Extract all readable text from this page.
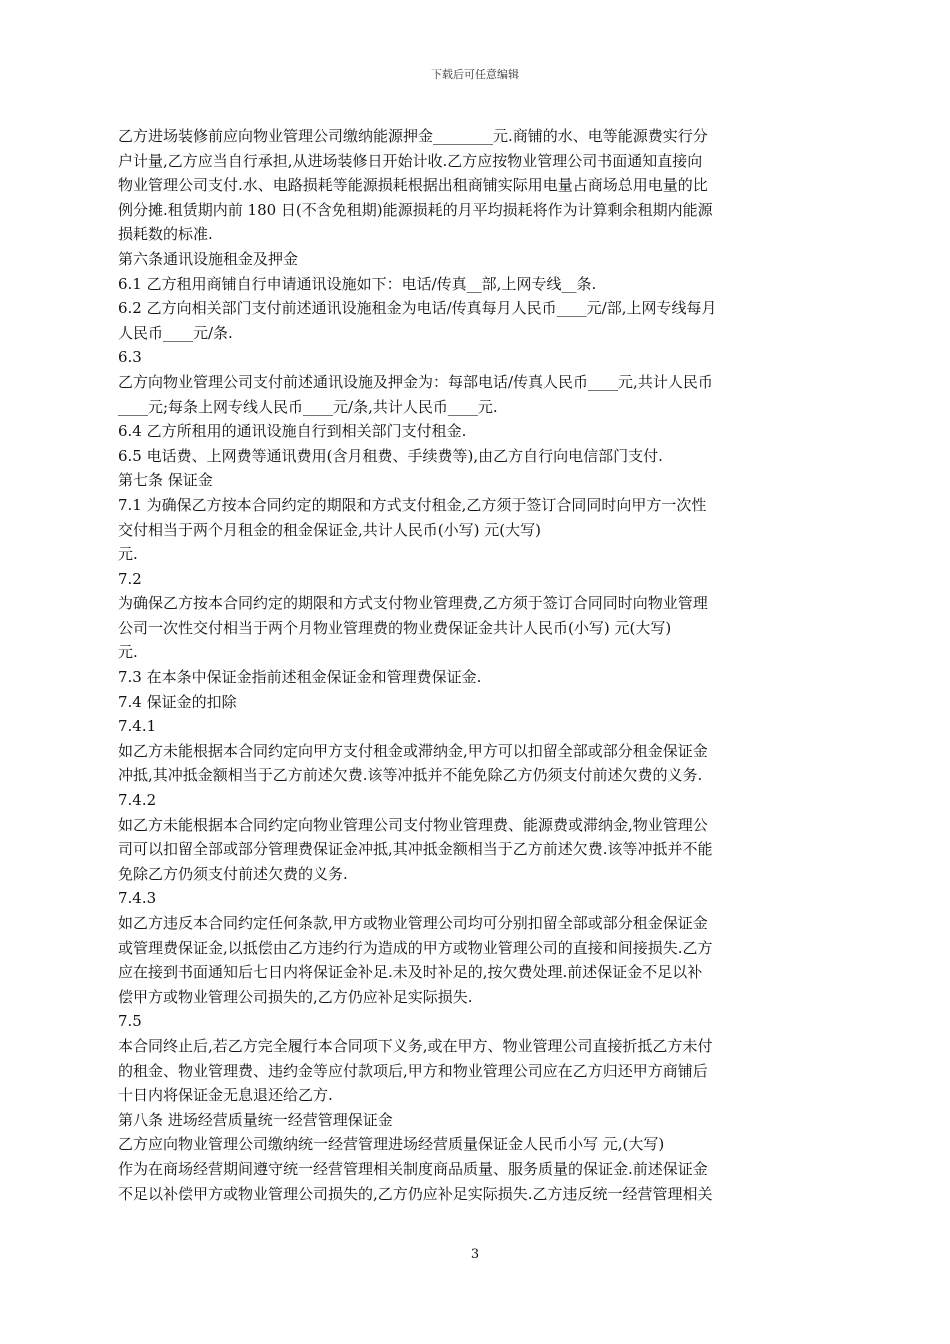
下载后可任意编辑
乙方进场装修前应向物业管理公司缴纳能源押金________元.商铺的水、电等能源费实行分
户计量,乙方应当自行承担,从进场装修日开始计收.乙方应按物业管理公司书面通知直接向
物业管理公司支付.水、电路损耗等能源损耗根据出租商铺实际用电量占商场总用电量的比
例分摊.租赁期内前 180 日(不含免租期)能源损耗的月平均损耗将作为计算剩余租期内能源
损耗数的标准.
第六条通讯设施租金及押金
6.1 乙方租用商铺自行申请通讯设施如下：电话/传真__部,上网专线__条.
6.2 乙方向相关部门支付前述通讯设施租金为电话/传真每月人民币____元/部,上网专线每月
人民币____元/条.
6.3
乙方向物业管理公司支付前述通讯设施及押金为：每部电话/传真人民币____元,共计人民币
____元;每条上网专线人民币____元/条,共计人民币____元.
6.4 乙方所租用的通讯设施自行到相关部门支付租金.
6.5 电话费、上网费等通讯费用(含月租费、手续费等),由乙方自行向电信部门支付.
第七条 保证金
7.1 为确保乙方按本合同约定的期限和方式支付租金,乙方须于签订合同同时向甲方一次性
交付相当于两个月租金的租金保证金,共计人民币(小写) 元(大写)
元.
7.2
为确保乙方按本合同约定的期限和方式支付物业管理费,乙方须于签订合同同时向物业管理
公司一次性交付相当于两个月物业管理费的物业费保证金共计人民币(小写) 元(大写)
元.
7.3 在本条中保证金指前述租金保证金和管理费保证金.
7.4 保证金的扣除
7.4.1
如乙方未能根据本合同约定向甲方支付租金或滞纳金,甲方可以扣留全部或部分租金保证金
冲抵,其冲抵金额相当于乙方前述欠费.该等冲抵并不能免除乙方仍须支付前述欠费的义务.
7.4.2
如乙方未能根据本合同约定向物业管理公司支付物业管理费、能源费或滞纳金,物业管理公
司可以扣留全部或部分管理费保证金冲抵,其冲抵金额相当于乙方前述欠费.该等冲抵并不能
免除乙方仍须支付前述欠费的义务.
7.4.3
如乙方违反本合同约定任何条款,甲方或物业管理公司均可分别扣留全部或部分租金保证金
或管理费保证金,以抵偿由乙方违约行为造成的甲方或物业管理公司的直接和间接损失.乙方
应在接到书面通知后七日内将保证金补足.未及时补足的,按欠费处理.前述保证金不足以补
偿甲方或物业管理公司损失的,乙方仍应补足实际损失.
7.5
本合同终止后,若乙方完全履行本合同项下义务,或在甲方、物业管理公司直接折抵乙方未付
的租金、物业管理费、违约金等应付款项后,甲方和物业管理公司应在乙方归还甲方商铺后
十日内将保证金无息退还给乙方.
第八条 进场经营质量统一经营管理保证金
乙方应向物业管理公司缴纳统一经营管理进场经营质量保证金人民币小写 元,(大写)
作为在商场经营期间遵守统一经营管理相关制度商品质量、服务质量的保证金.前述保证金
不足以补偿甲方或物业管理公司损失的,乙方仍应补足实际损失.乙方违反统一经营管理相关
3
